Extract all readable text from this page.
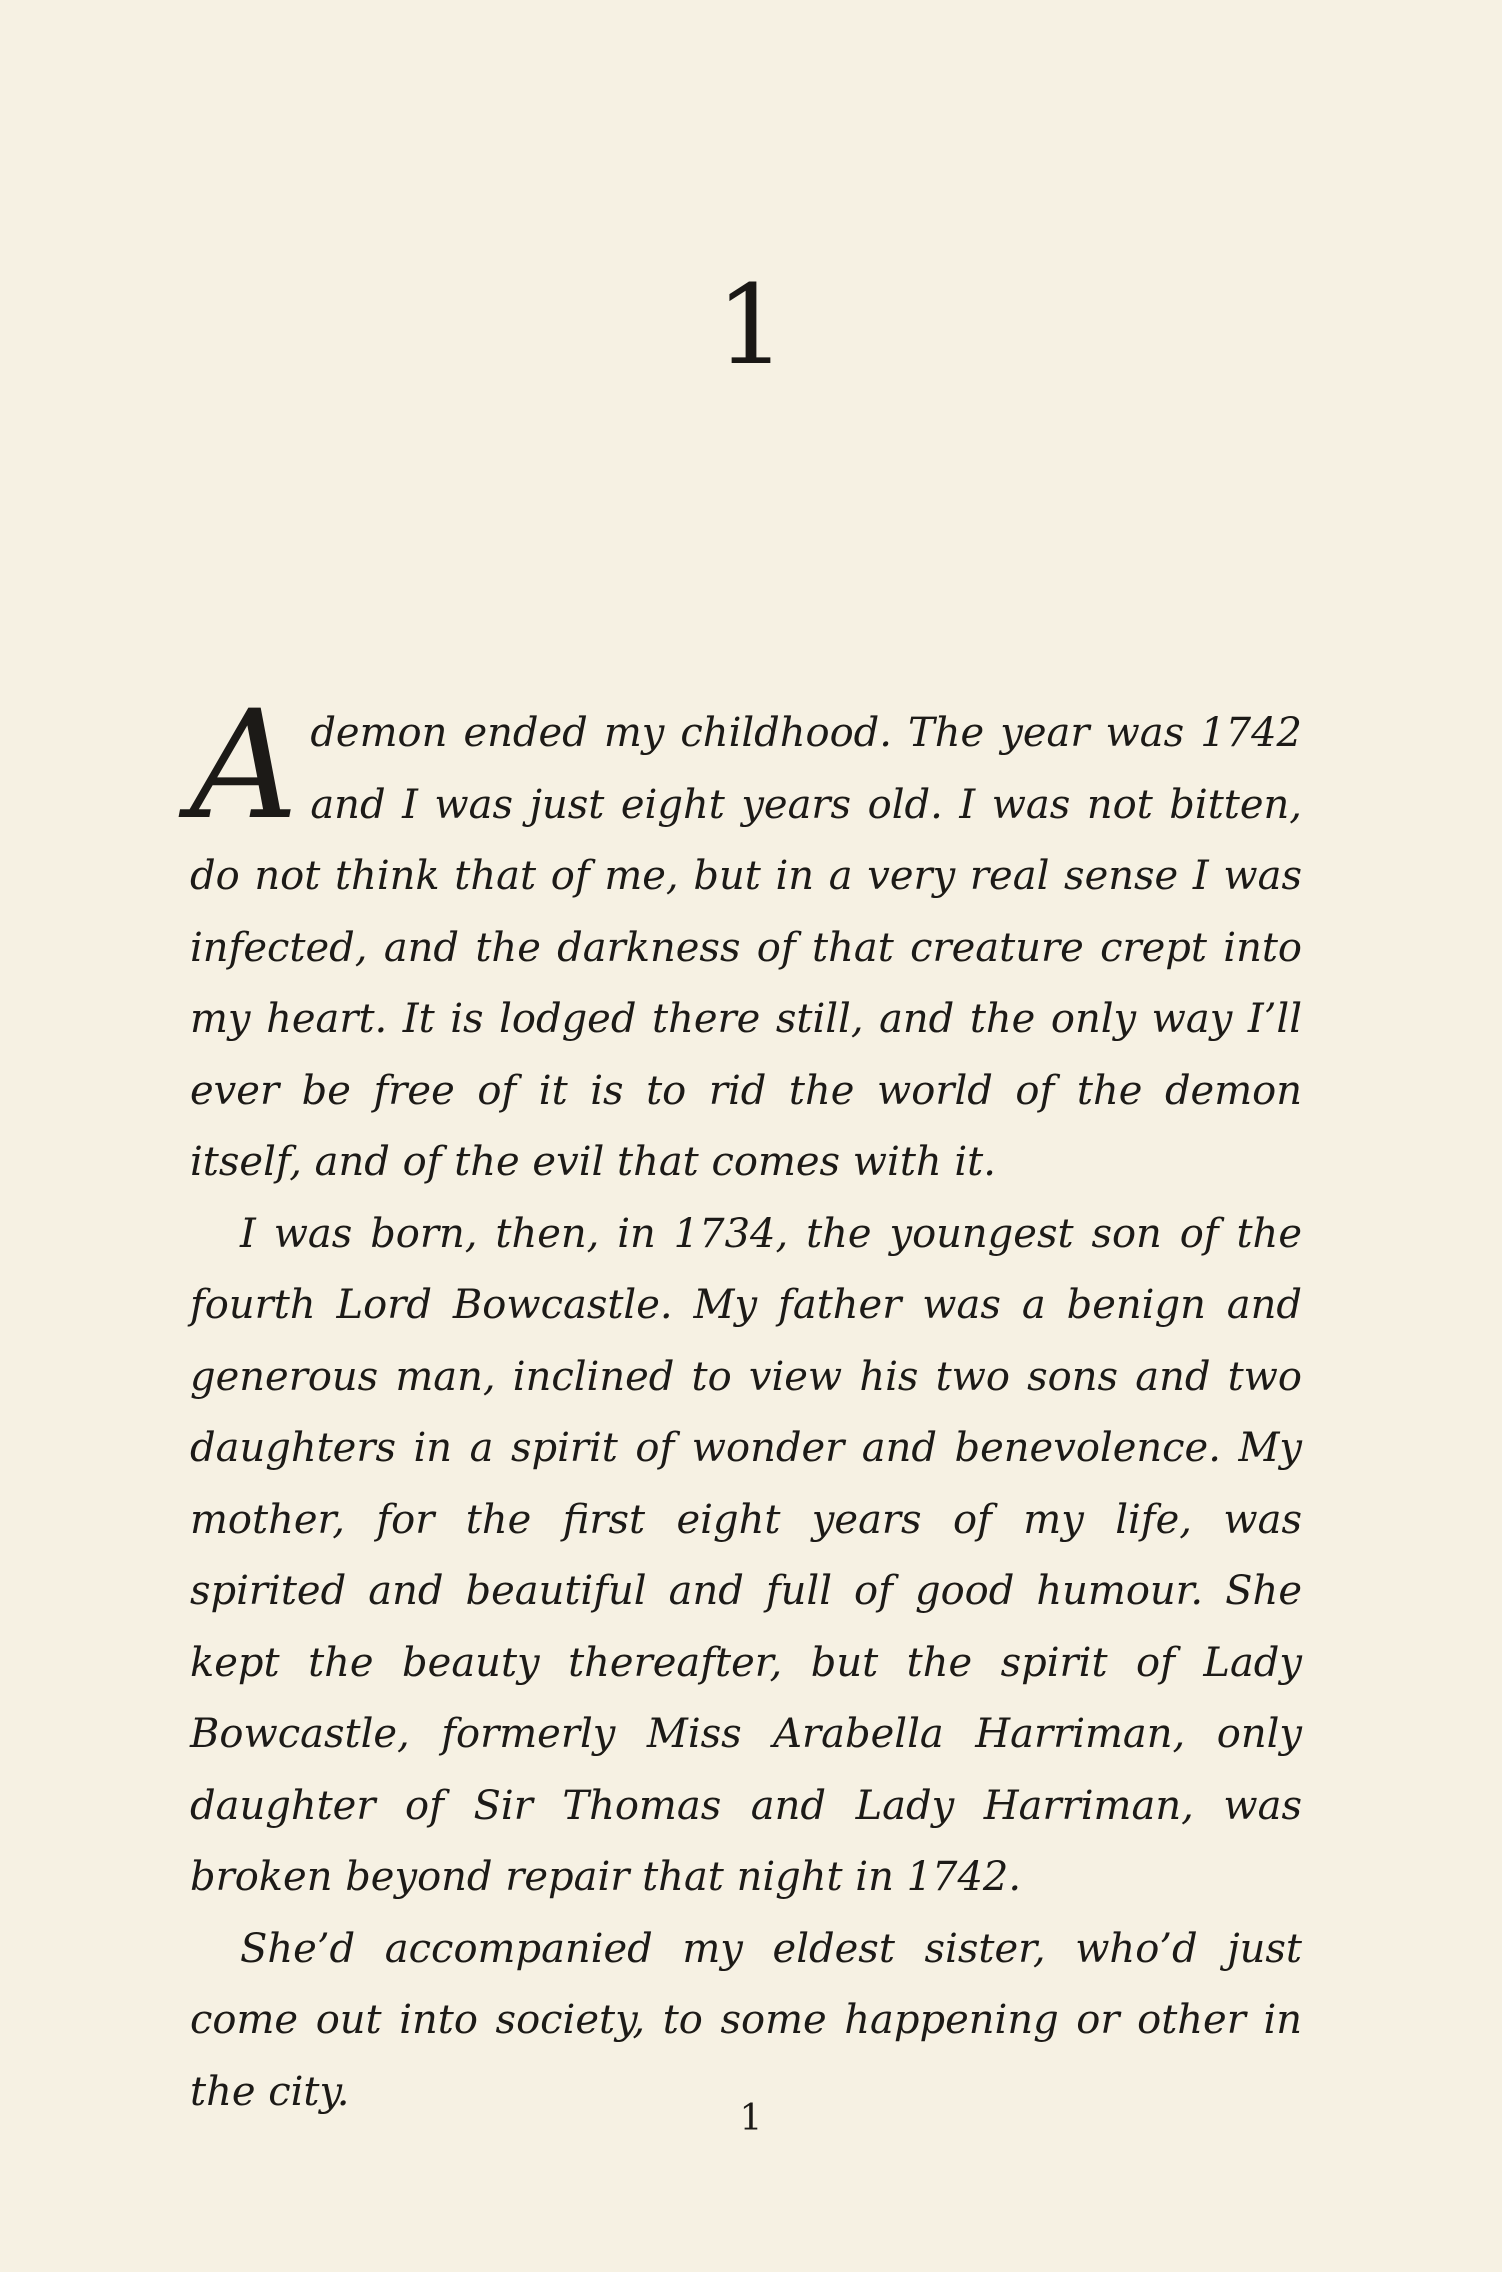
1

Ademon ended my childhood. The year was 1742 and I was just eight years old. I was not bitten, do not think that of me, but in a very real sense I was infected, and the darkness of that creature crept into my heart. It is lodged there still, and the only way I’ll ever be free of it is to rid the world of the demon itself, and of the evil that comes with it.

I was born, then, in 1734, the youngest son of the fourth Lord Bowcastle. My father was a benign and generous man, inclined to view his two sons and two daughters in a spirit of wonder and benevolence. My mother, for the first eight years of my life, was spirited and beautiful and full of good humour. She kept the beauty thereafter, but the spirit of Lady Bowcastle, formerly Miss Arabella Harriman, only daughter of Sir Thomas and Lady Harriman, was broken beyond repair that night in 1742.

She’d accompanied my eldest sister, who’d just come out into society, to some happening or other in the city.

1
